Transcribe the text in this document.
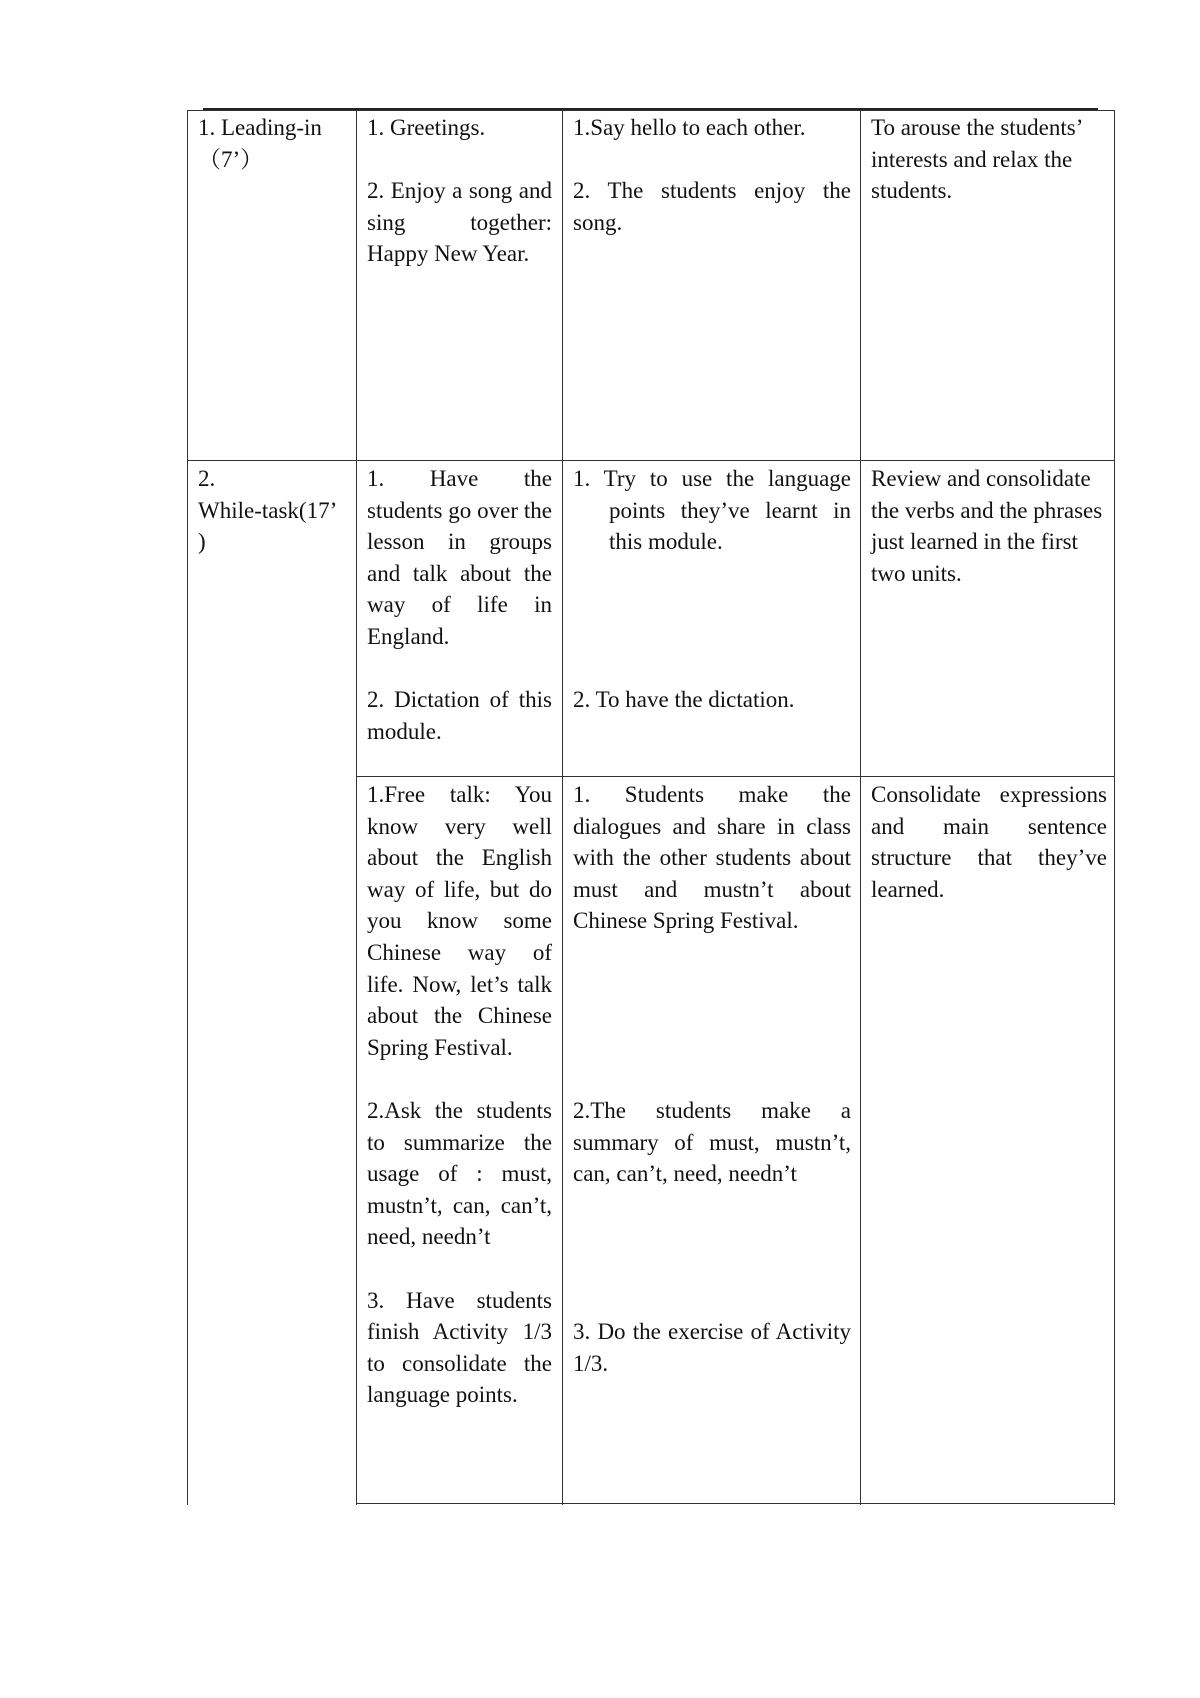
1. Leading-in
（7’）

1. Greetings.

2. Enjoy a song and sing together: Happy New Year.

1.Say hello to each other.

2. The students enjoy the song.

To arouse the students’ interests and relax the students.
2.
While-task(17’
)

1. Have the students go over the lesson in groups and talk about the way of life in England.

2. Dictation of this module.

1. Try to use the language points they’ve learnt in this module.

2. To have the dictation.

Review and consolidate the verbs and the phrases just learned in the first two units.

1.Free talk: You know very well about the English way of life, but do you know some Chinese way of life. Now, let’s talk about the Chinese Spring Festival.

2.Ask the students to summarize the usage of : must, mustn’t, can, can’t, need, needn’t

3. Have students finish Activity 1/3 to consolidate the language points.

1. Students make the dialogues and share in class with the other students about must and mustn’t about Chinese Spring Festival.

2.The students make a summary of must, mustn’t, can, can’t, need, needn’t

3. Do the exercise of Activity 1/3.

Consolidate expressions and main sentence structure that they’ve learned.
